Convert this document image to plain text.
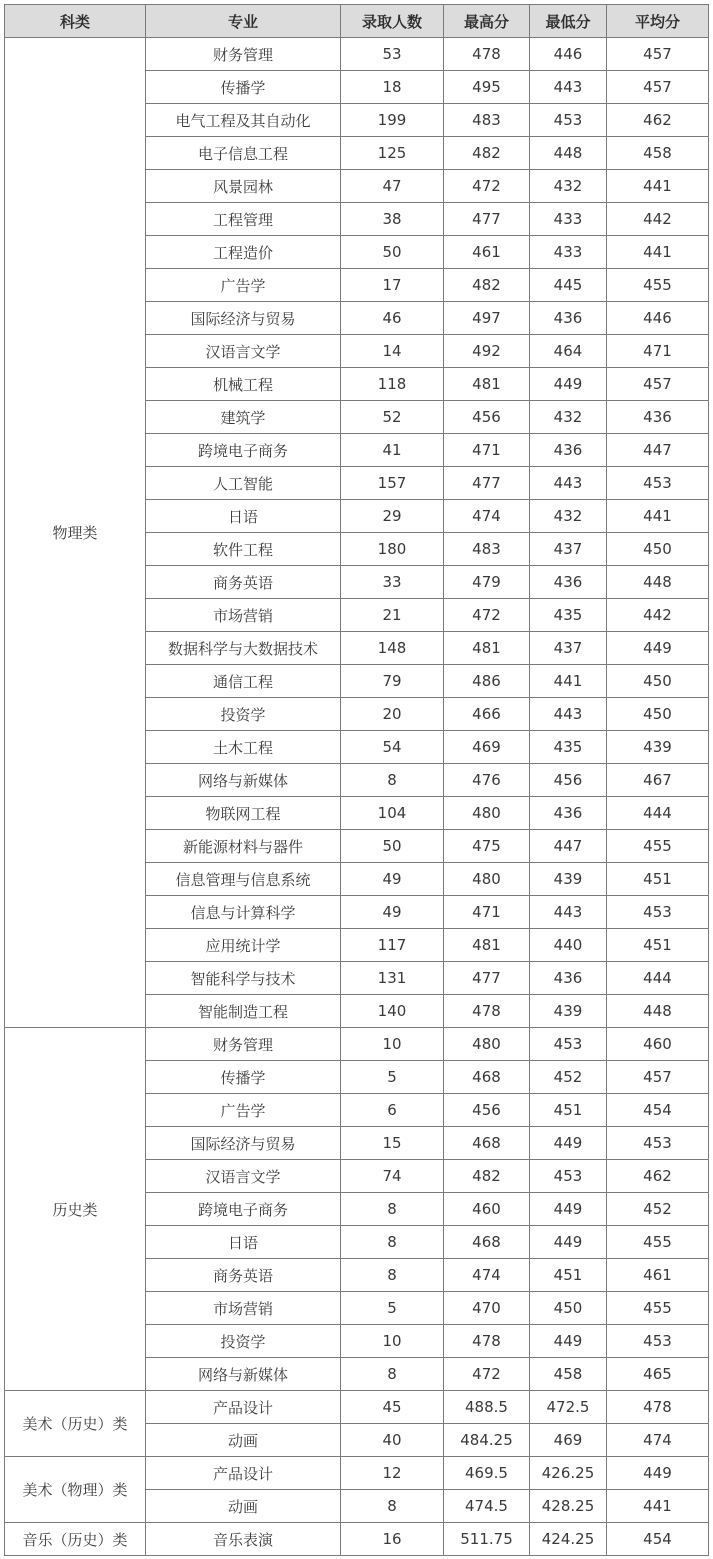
科类	专业	录取人数	最高分	最低分	平均分
物理类	财务管理	53	478	446	457
	传播学	18	495	443	457
	电气工程及其自动化	199	483	453	462
	电子信息工程	125	482	448	458
	风景园林	47	472	432	441
	工程管理	38	477	433	442
	工程造价	50	461	433	441
	广告学	17	482	445	455
	国际经济与贸易	46	497	436	446
	汉语言文学	14	492	464	471
	机械工程	118	481	449	457
	建筑学	52	456	432	436
	跨境电子商务	41	471	436	447
	人工智能	157	477	443	453
	日语	29	474	432	441
	软件工程	180	483	437	450
	商务英语	33	479	436	448
	市场营销	21	472	435	442
	数据科学与大数据技术	148	481	437	449
	通信工程	79	486	441	450
	投资学	20	466	443	450
	土木工程	54	469	435	439
	网络与新媒体	8	476	456	467
	物联网工程	104	480	436	444
	新能源材料与器件	50	475	447	455
	信息管理与信息系统	49	480	439	451
	信息与计算科学	49	471	443	453
	应用统计学	117	481	440	451
	智能科学与技术	131	477	436	444
	智能制造工程	140	478	439	448
历史类	财务管理	10	480	453	460
	传播学	5	468	452	457
	广告学	6	456	451	454
	国际经济与贸易	15	468	449	453
	汉语言文学	74	482	453	462
	跨境电子商务	8	460	449	452
	日语	8	468	449	455
	商务英语	8	474	451	461
	市场营销	5	470	450	455
	投资学	10	478	449	453
	网络与新媒体	8	472	458	465
美术（历史）类	产品设计	45	488.5	472.5	478
	动画	40	484.25	469	474
美术（物理）类	产品设计	12	469.5	426.25	449
	动画	8	474.5	428.25	441
音乐（历史）类	音乐表演	16	511.75	424.25	454
